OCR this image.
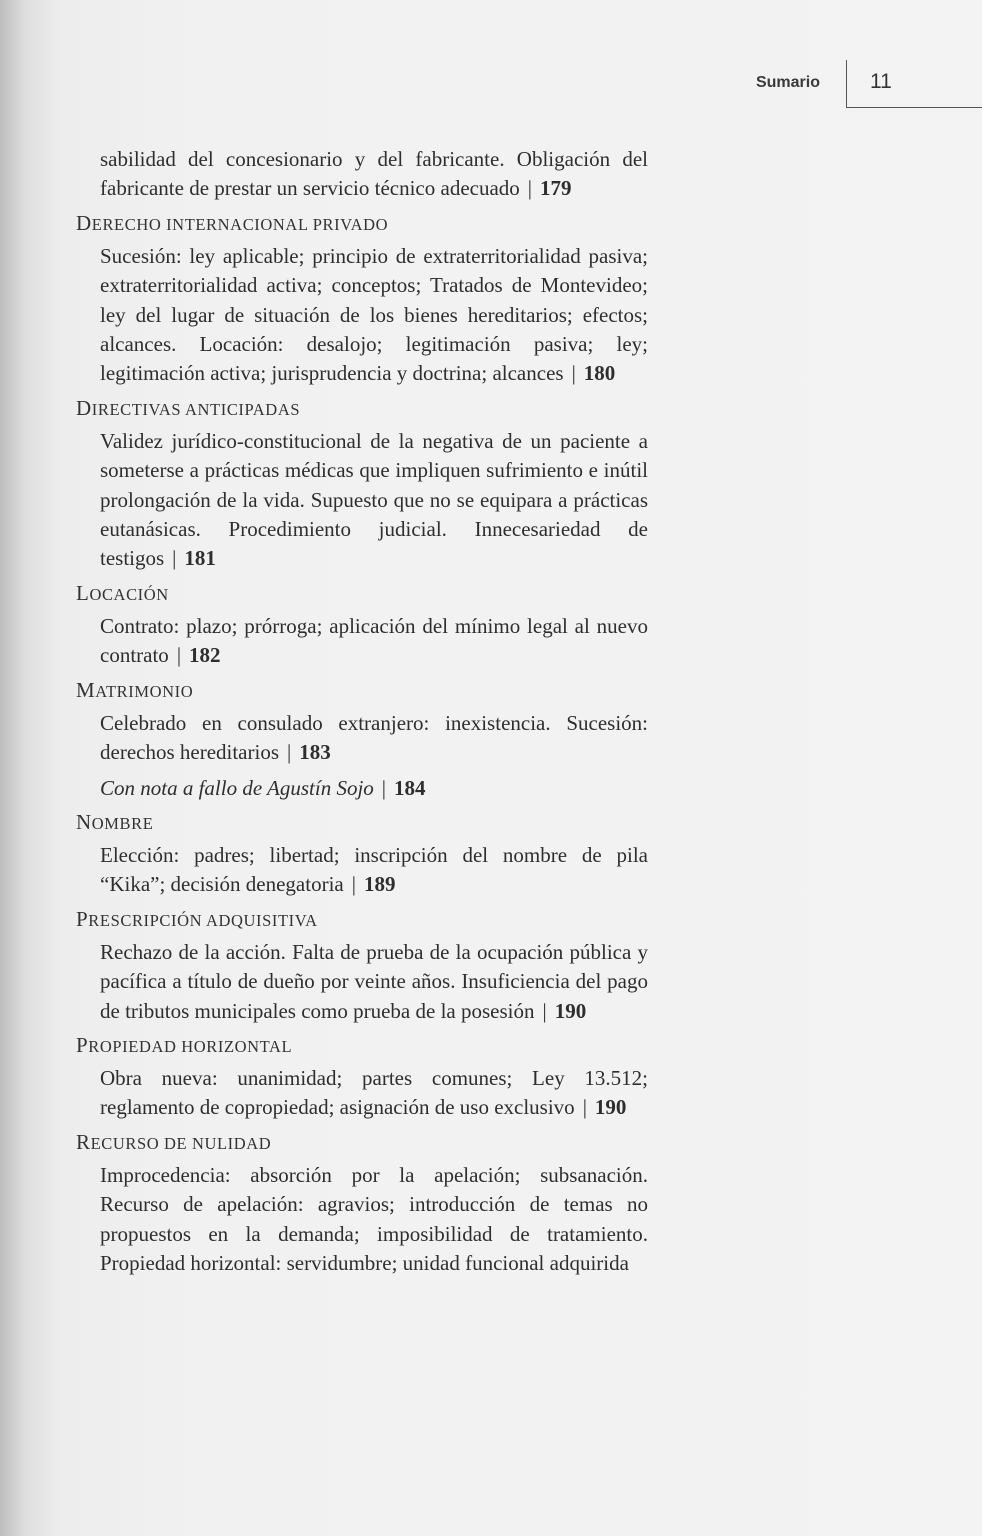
Sumario 11

sabilidad del concesionario y del fabricante. Obligación del fabricante de prestar un servicio técnico adecuado | 179

DERECHO INTERNACIONAL PRIVADO

Sucesión: ley aplicable; principio de extraterritorialidad pasiva; extraterritorialidad activa; conceptos; Tratados de Montevideo; ley del lugar de situación de los bienes hereditarios; efectos; alcances. Locación: desalojo; legitimación pasiva; ley; legitimación activa; jurisprudencia y doctrina; alcances | 180

DIRECTIVAS ANTICIPADAS

Validez jurídico-constitucional de la negativa de un paciente a someterse a prácticas médicas que impliquen sufrimiento e inútil prolongación de la vida. Supuesto que no se equipara a prácticas eutanásicas. Procedimiento judicial. Innecesariedad de testigos | 181

LOCACIÓN

Contrato: plazo; prórroga; aplicación del mínimo legal al nuevo contrato | 182

MATRIMONIO

Celebrado en consulado extranjero: inexistencia. Sucesión: derechos hereditarios | 183

Con nota a fallo de Agustín Sojo | 184

NOMBRE

Elección: padres; libertad; inscripción del nombre de pila “Kika”; decisión denegatoria | 189

PRESCRIPCIÓN ADQUISITIVA

Rechazo de la acción. Falta de prueba de la ocupación pública y pacífica a título de dueño por veinte años. Insuficiencia del pago de tributos municipales como prueba de la posesión | 190

PROPIEDAD HORIZONTAL

Obra nueva: unanimidad; partes comunes; Ley 13.512; reglamento de copropiedad; asignación de uso exclusivo | 190

RECURSO DE NULIDAD

Improcedencia: absorción por la apelación; subsanación. Recurso de apelación: agravios; introducción de temas no propuestos en la demanda; imposibilidad de tratamiento. Propiedad horizontal: servidumbre; unidad funcional adquirida
